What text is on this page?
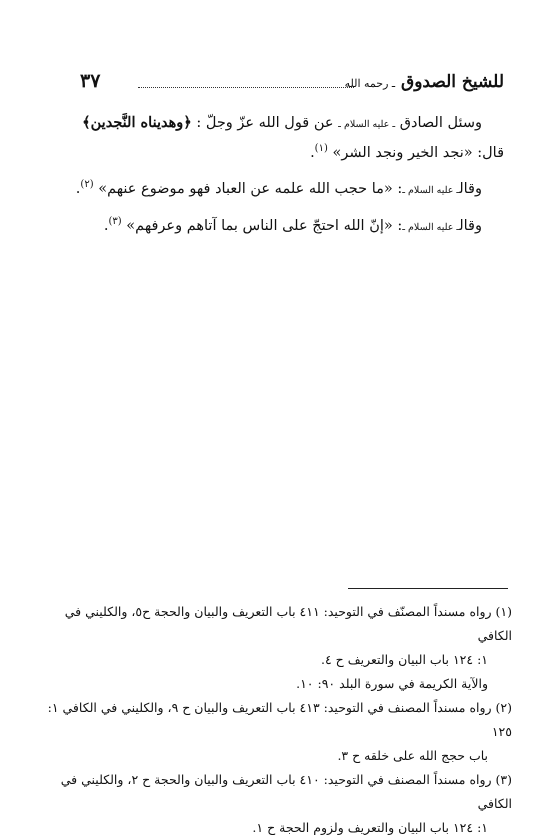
للشيخ الصدوق ـ رحمه الله
٣٧

وسئل الصادق ـ عليه السلام ـ عن قول الله عزّ وجلّ : ﴿وهديناه النَّجدين﴾

قال: «نجد الخير ونجد الشر» $^{(١)}$.

وقالـ عليه السلام ـ: «ما حجب الله علمه عن العباد فهو موضوع عنهم» $^{(٢)}$.

وقالـ عليه السلام ـ: «إنّ الله احتجّ على الناس بما آتاهم وعرفهم» $^{(٣)}$.

(١) رواه مسنداً المصنّف في التوحيد: ٤١١ باب التعريف والبيان والحجة ح٥، والكليني في الكافي

١: ١٢٤ باب البيان والتعريف ح ٤.

والآية الكريمة في سورة البلد ٩٠: ١٠.

(٢) رواه مسنداً المصنف في التوحيد: ٤١٣ باب التعريف والبيان ح ٩، والكليني في الكافي ١: ١٢٥

باب حجج الله على خلقه ح ٣.

(٣) رواه مسنداً المصنف في التوحيد: ٤١٠ باب التعريف والبيان والحجة ح ٢، والكليني في الكافي

١: ١٢٤ باب البيان والتعريف ولزوم الحجة ح ١.
